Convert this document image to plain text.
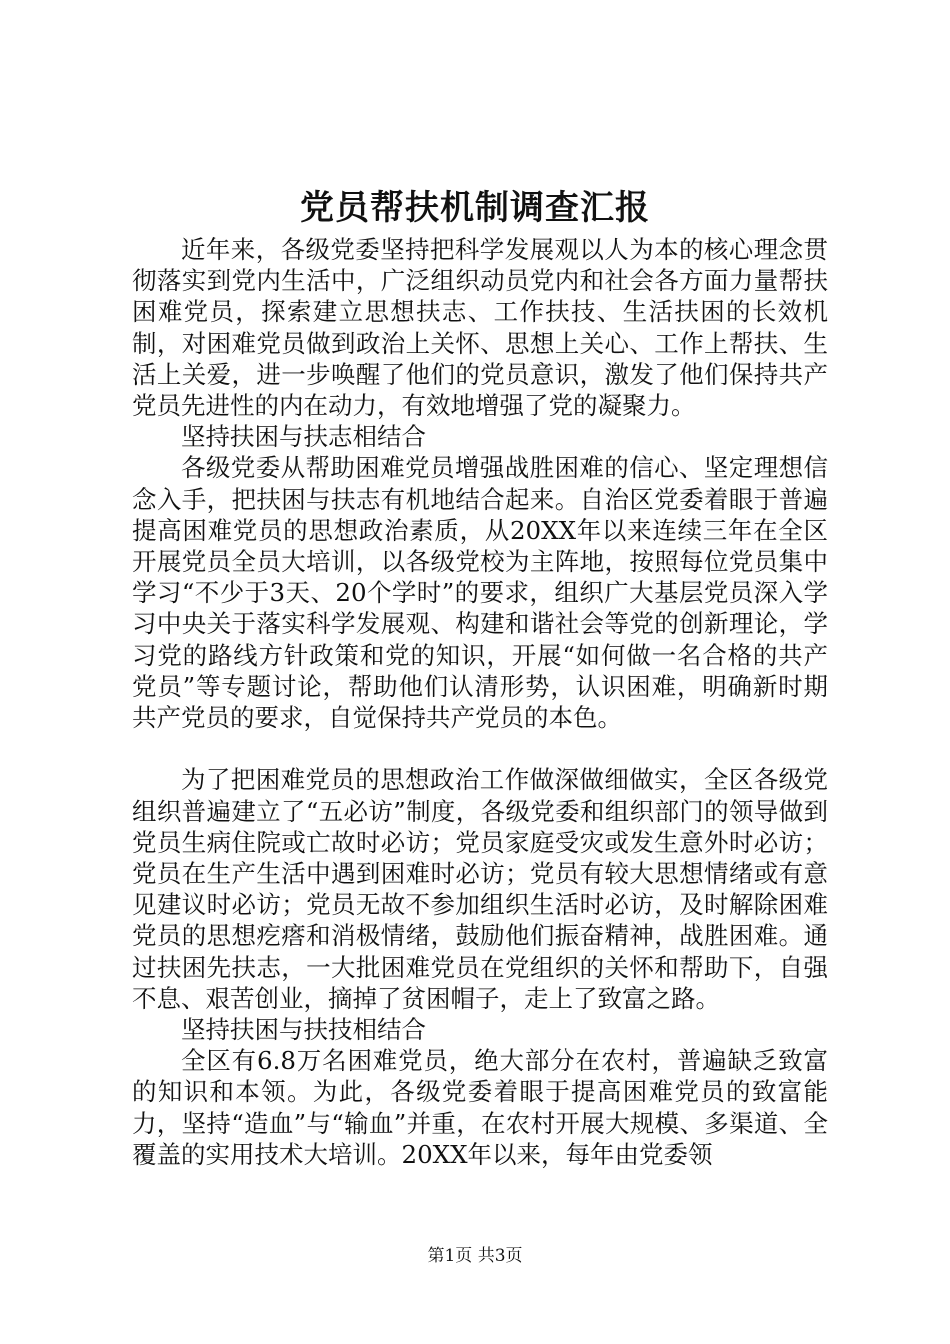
党员帮扶机制调查汇报

近年来，各级党委坚持把科学发展观以人为本的核心理念贯彻落实到党内生活中，广泛组织动员党内和社会各方面力量帮扶困难党员，探索建立思想扶志、工作扶技、生活扶困的长效机制，对困难党员做到政治上关怀、思想上关心、工作上帮扶、生活上关爱，进一步唤醒了他们的党员意识，激发了他们保持共产党员先进性的内在动力，有效地增强了党的凝聚力。

坚持扶困与扶志相结合

各级党委从帮助困难党员增强战胜困难的信心、坚定理想信念入手，把扶困与扶志有机地结合起来。自治区党委着眼于普遍提高困难党员的思想政治素质，从20XX年以来连续三年在全区开展党员全员大培训，以各级党校为主阵地，按照每位党员集中学习“不少于3天、20个学时”的要求，组织广大基层党员深入学习中央关于落实科学发展观、构建和谐社会等党的创新理论，学习党的路线方针政策和党的知识，开展“如何做一名合格的共产党员”等专题讨论，帮助他们认清形势，认识困难，明确新时期共产党员的要求，自觉保持共产党员的本色。

为了把困难党员的思想政治工作做深做细做实，全区各级党组织普遍建立了“五必访”制度，各级党委和组织部门的领导做到党员生病住院或亡故时必访；党员家庭受灾或发生意外时必访；党员在生产生活中遇到困难时必访；党员有较大思想情绪或有意见建议时必访；党员无故不参加组织生活时必访，及时解除困难党员的思想疙瘩和消极情绪，鼓励他们振奋精神，战胜困难。通过扶困先扶志，一大批困难党员在党组织的关怀和帮助下，自强不息、艰苦创业，摘掉了贫困帽子，走上了致富之路。

坚持扶困与扶技相结合

全区有6.8万名困难党员，绝大部分在农村，普遍缺乏致富的知识和本领。为此，各级党委着眼于提高困难党员的致富能力，坚持“造血”与“输血”并重，在农村开展大规模、多渠道、全覆盖的实用技术大培训。20XX年以来，每年由党委领

第1页 共3页
